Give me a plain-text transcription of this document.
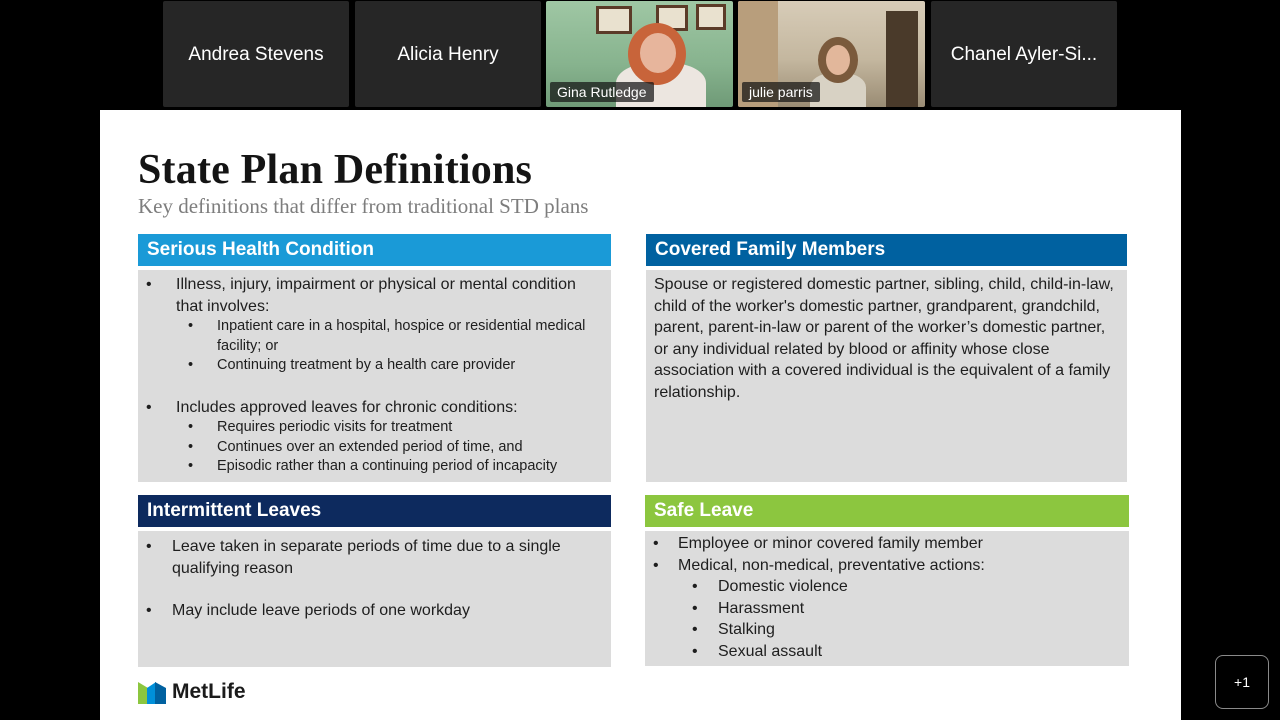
Andrea Stevens	Alicia Henry
Gina Rutledge	julie parris
Chanel Ayler-Si...
State Plan Definitions
Key definitions that differ from traditional STD plans
Serious Health Condition
• Illness, injury, impairment or physical or mental condition that involves:
• Inpatient care in a hospital, hospice or residential medical facility; or
• Continuing treatment by a health care provider
• Includes approved leaves for chronic conditions:
• Requires periodic visits for treatment
• Continues over an extended period of time, and
• Episodic rather than a continuing period of incapacity
Covered Family Members
Spouse or registered domestic partner, sibling, child, child-in-law, child of the worker's domestic partner, grandparent, grandchild, parent, parent-in-law or parent of the worker’s domestic partner, or any individual related by blood or affinity whose close association with a covered individual is the equivalent of a family relationship.
Intermittent Leaves
• Leave taken in separate periods of time due to a single qualifying reason
• May include leave periods of one workday
Safe Leave
• Employee or minor covered family member
• Medical, non-medical, preventative actions:
• Domestic violence
• Harassment
• Stalking
• Sexual assault
MetLife	+1
